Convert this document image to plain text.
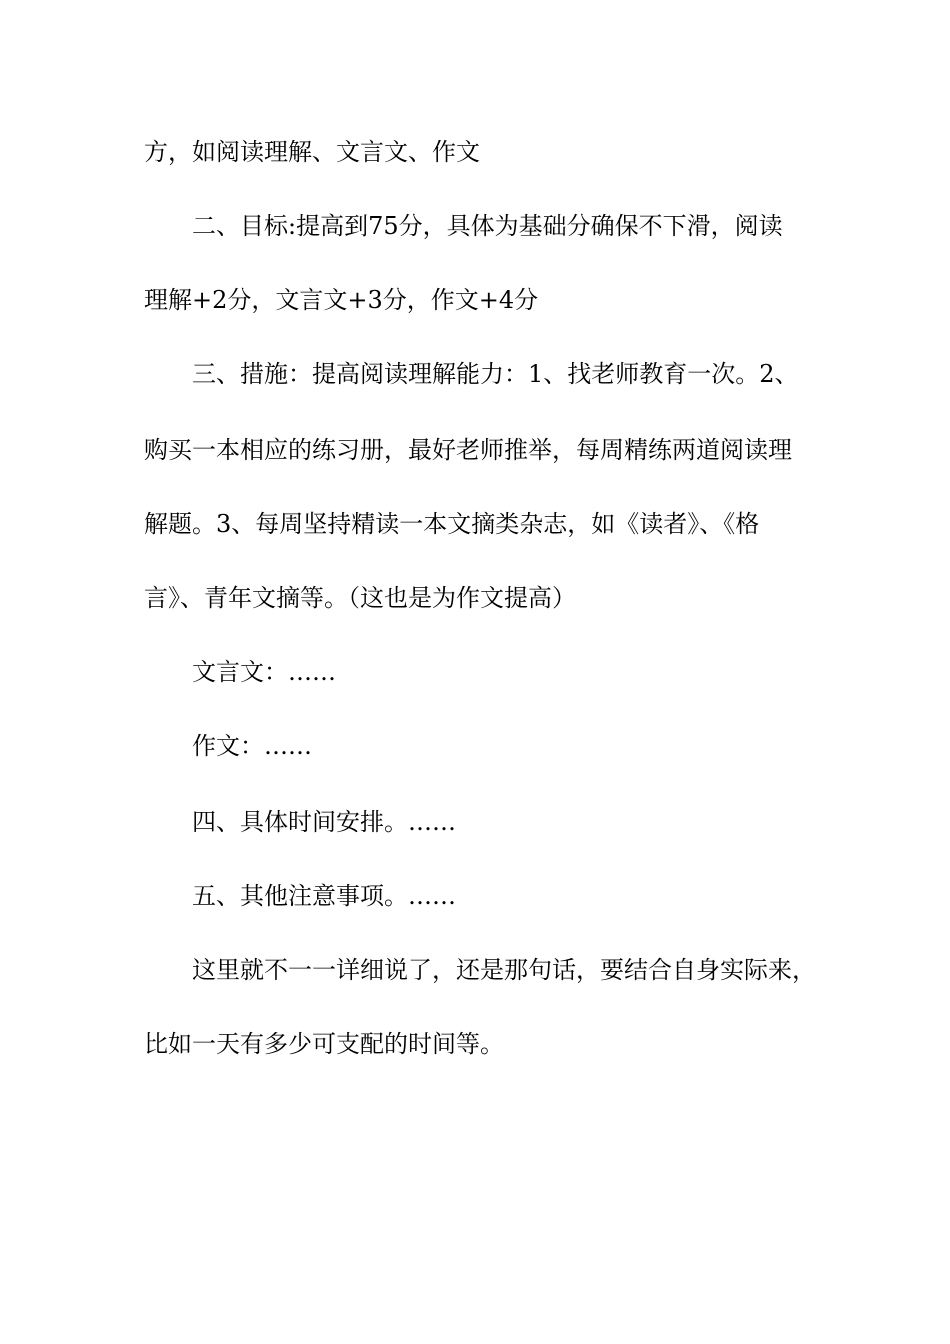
方，如阅读理解、文言文、作文
二、目标:提高到75分，具体为基础分确保不下滑，阅读
理解+2分，文言文+3分，作文+4分
三、措施：提高阅读理解能力：1、找老师教育一次。2、
购买一本相应的练习册，最好老师推举，每周精练两道阅读理
解题。3、每周坚持精读一本文摘类杂志，如《读者》、《格
言》、青年文摘等。（这也是为作文提高）
文言文：……
作文：……
四、具体时间安排。……
五、其他注意事项。……
这里就不一一详细说了，还是那句话，要结合自身实际来，
比如一天有多少可支配的时间等。
